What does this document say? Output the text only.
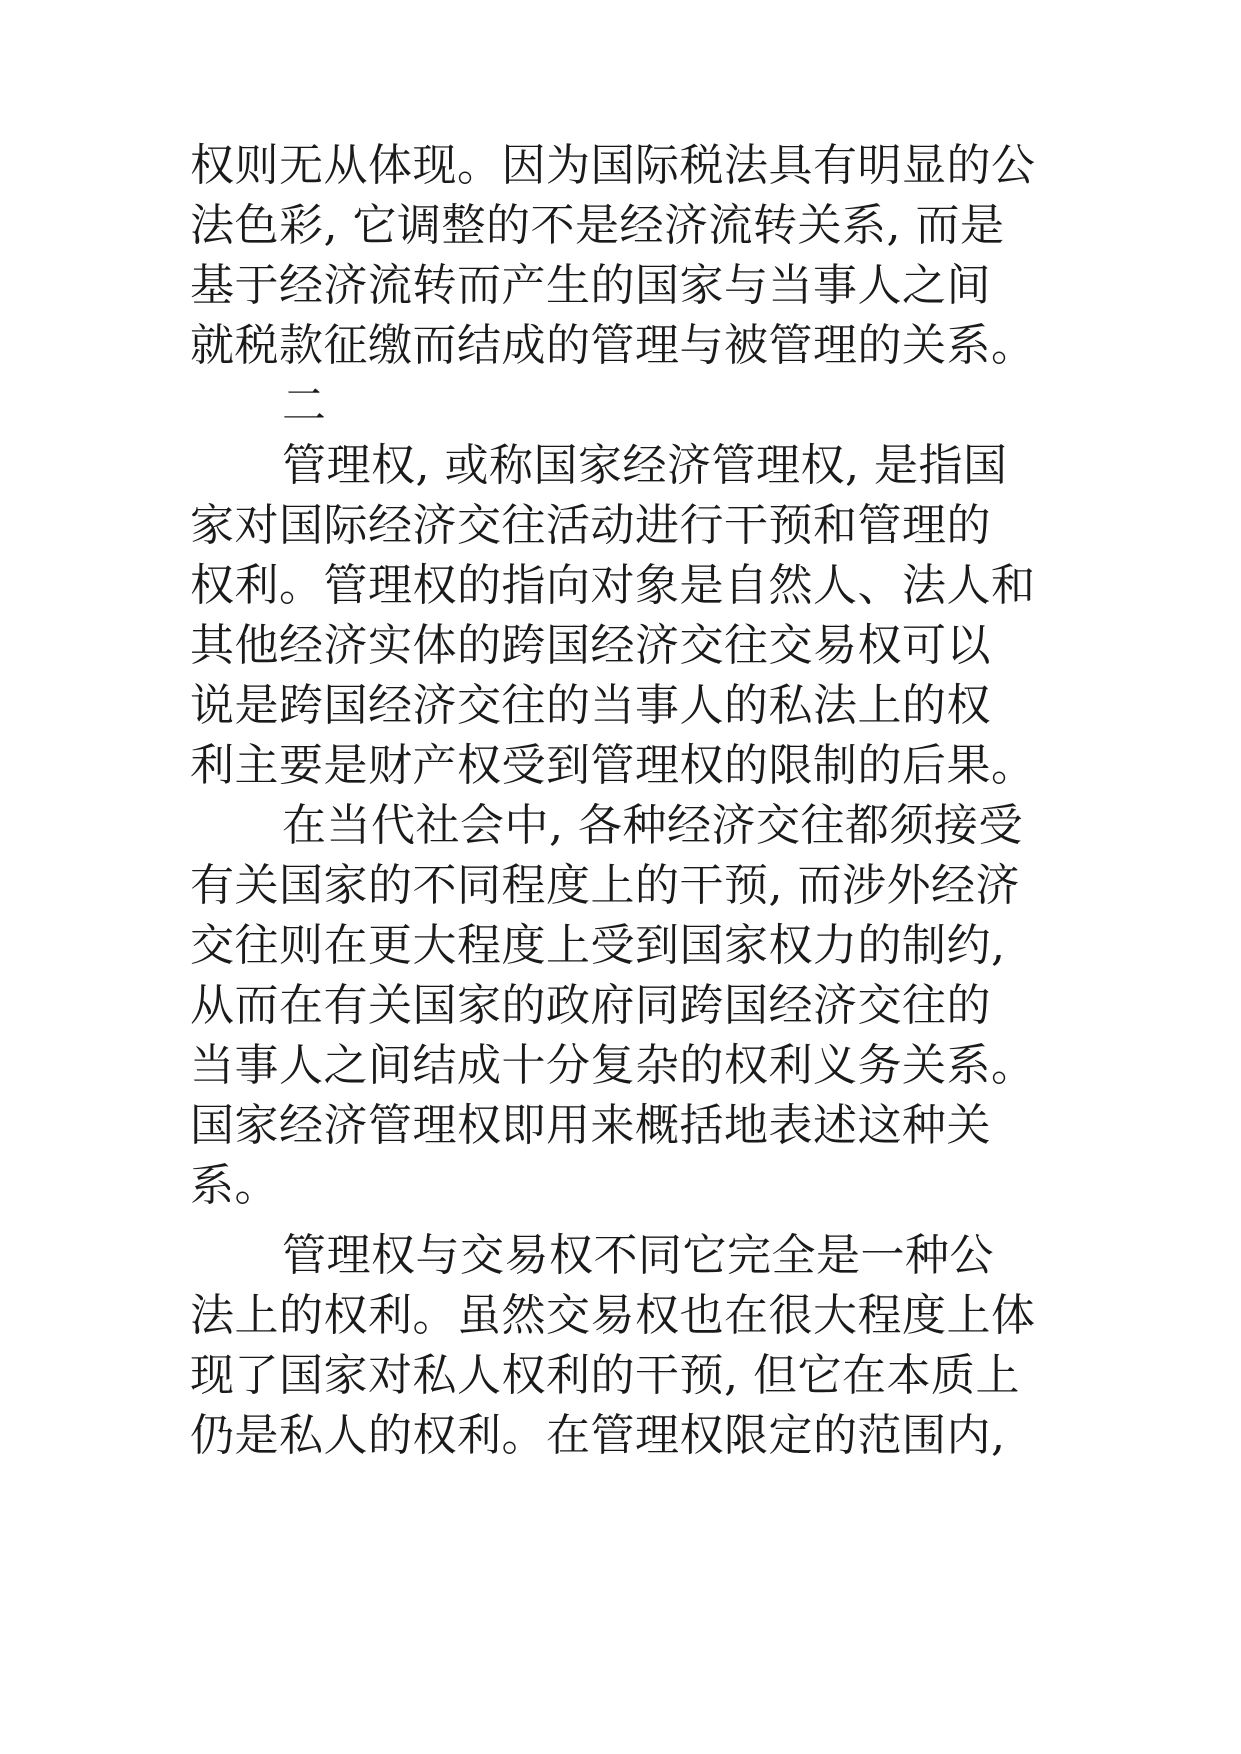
权则无从体现。因为国际税法具有明显的公
法色彩, 它调整的不是经济流转关系, 而是
基于经济流转而产生的国家与当事人之间
就税款征缴而结成的管理与被管理的关系。
二
管理权, 或称国家经济管理权, 是指国
家对国际经济交往活动进行干预和管理的
权利。管理权的指向对象是自然人、法人和
其他经济实体的跨国经济交往交易权可以
说是跨国经济交往的当事人的私法上的权
利主要是财产权受到管理权的限制的后果。
在当代社会中, 各种经济交往都须接受
有关国家的不同程度上的干预, 而涉外经济
交往则在更大程度上受到国家权力的制约,
从而在有关国家的政府同跨国经济交往的
当事人之间结成十分复杂的权利义务关系。
国家经济管理权即用来概括地表述这种关
系。
管理权与交易权不同它完全是一种公
法上的权利。虽然交易权也在很大程度上体
现了国家对私人权利的干预, 但它在本质上
仍是私人的权利。在管理权限定的范围内,
